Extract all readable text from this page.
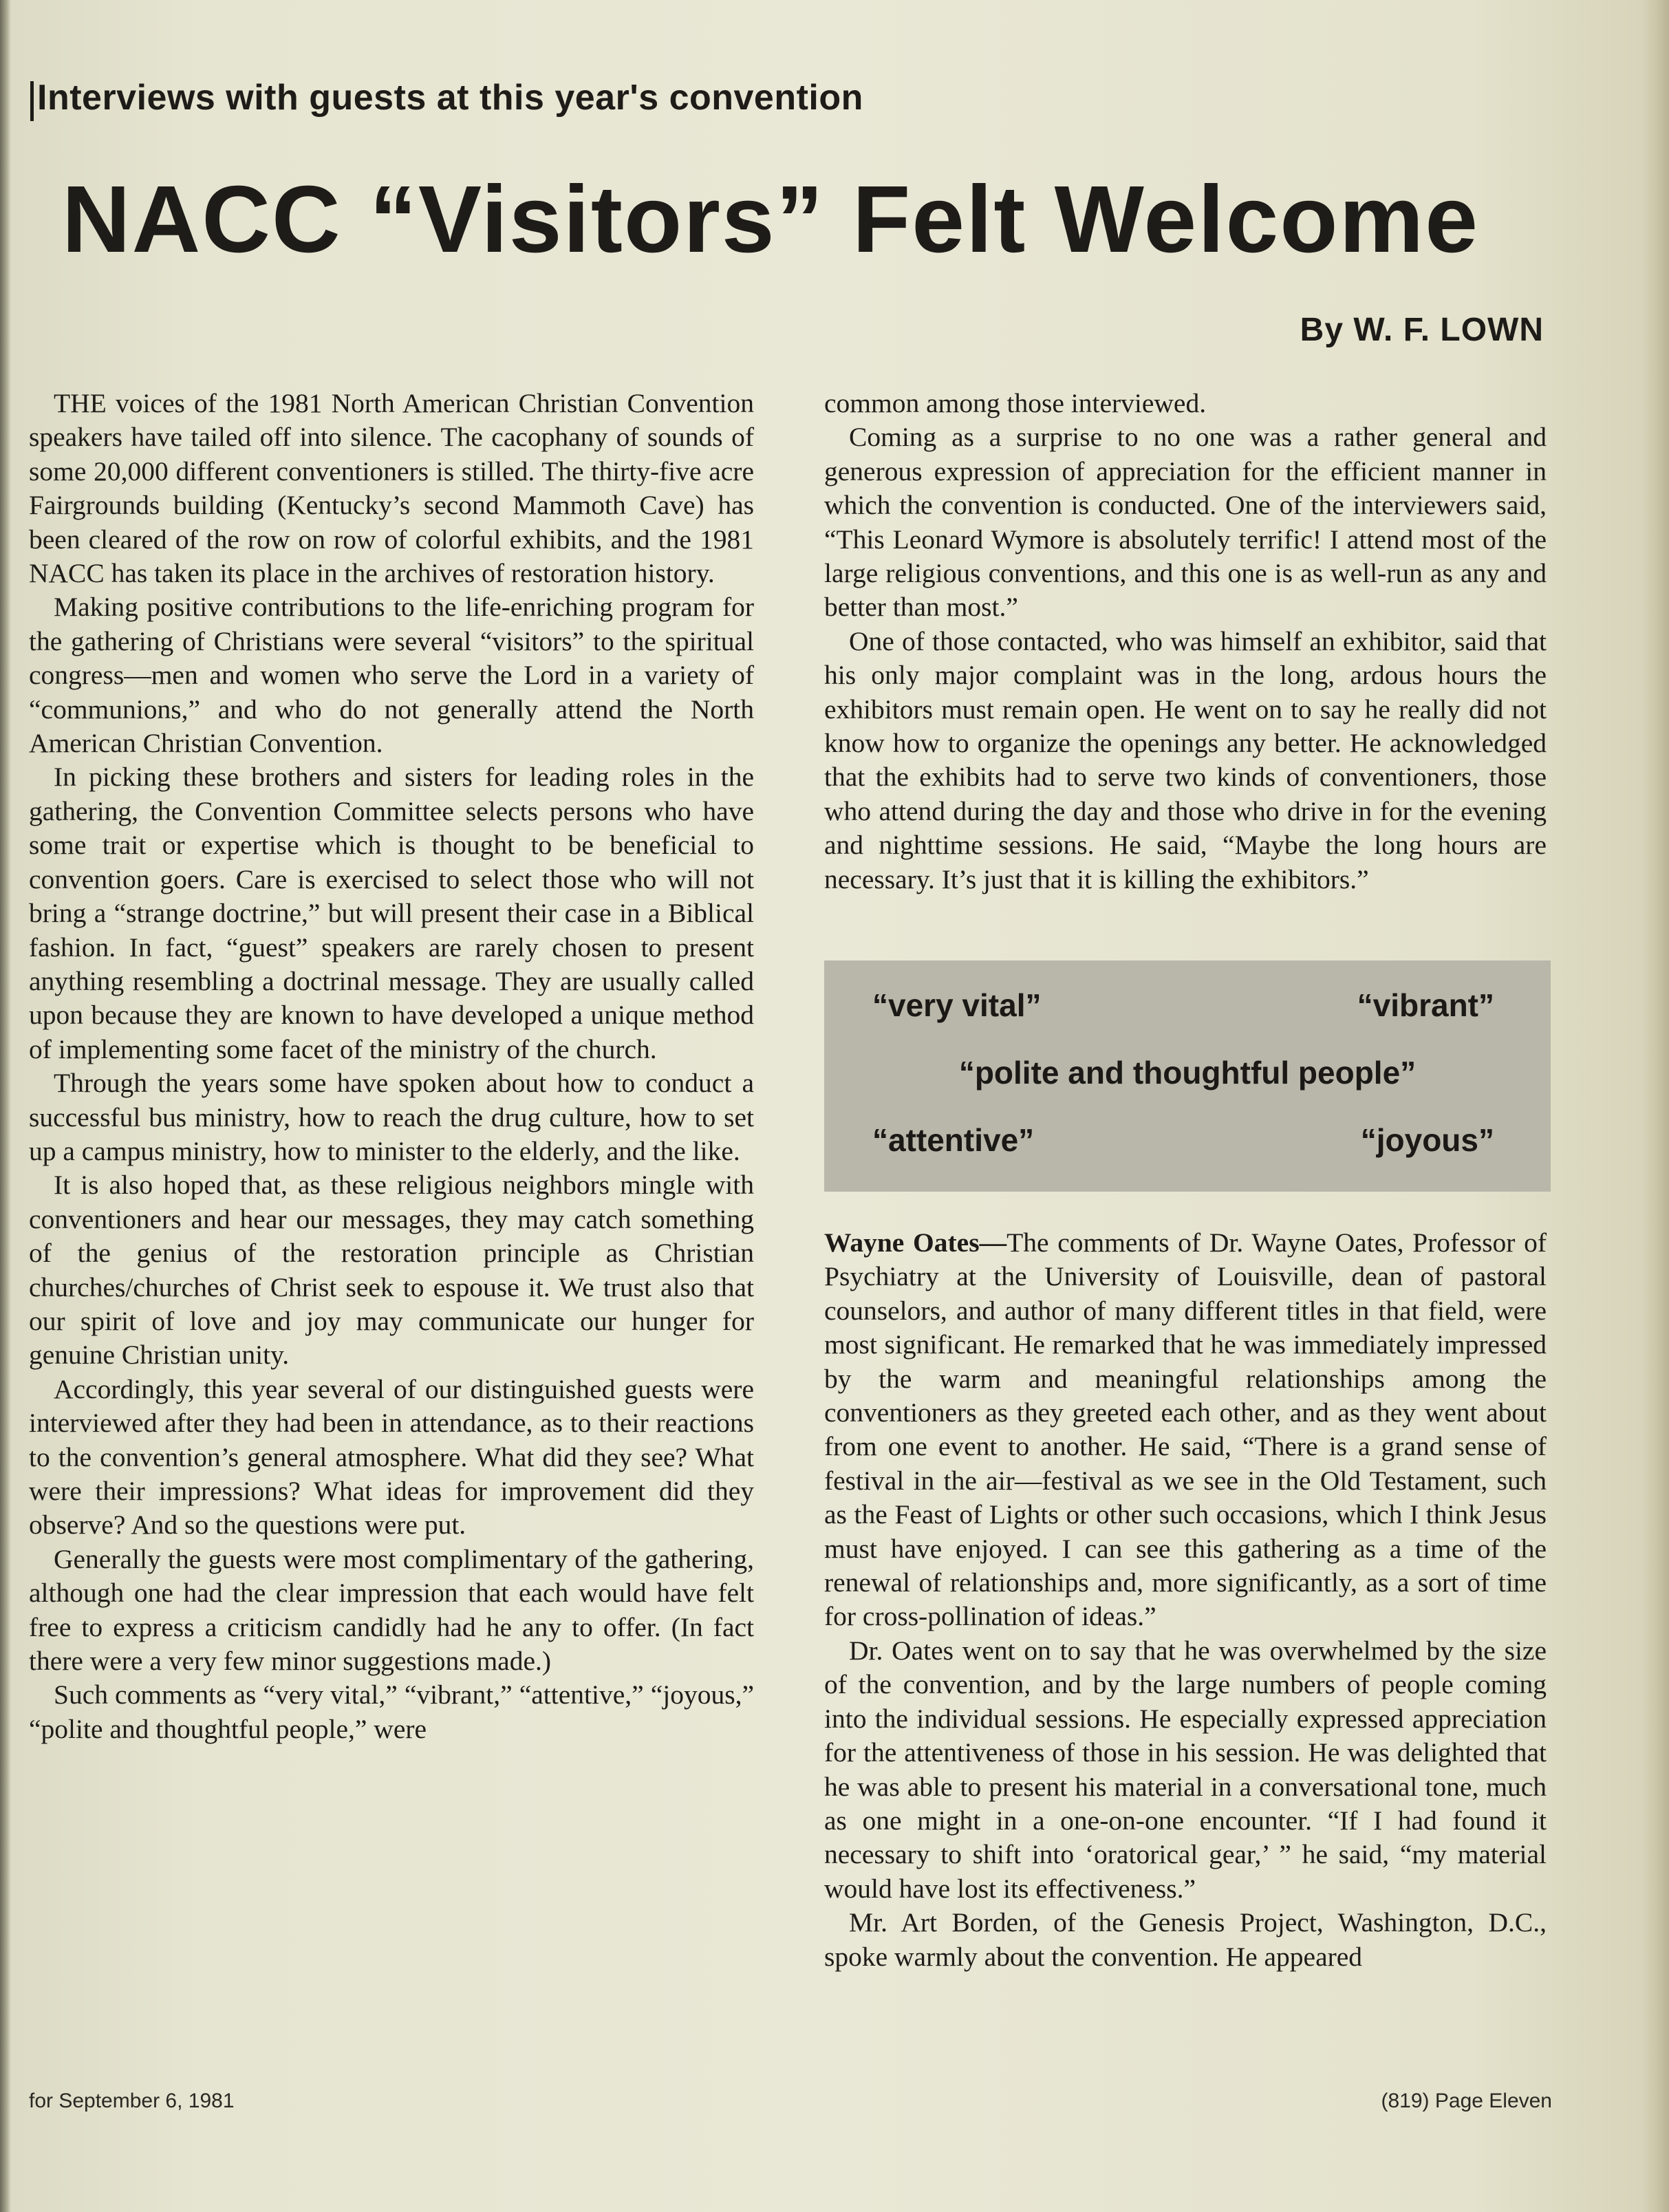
Interviews with guests at this year's convention
NACC “Visitors” Felt Welcome
By W. F. LOWN

THE voices of the 1981 North American Christian Convention speakers have tailed off into silence. The cacophany of sounds of some 20,000 different conventioners is stilled. The thirty-five acre Fairgrounds building (Kentucky’s second Mammoth Cave) has been cleared of the row on row of colorful exhibits, and the 1981 NACC has taken its place in the archives of restoration history.

Making positive contributions to the life-enriching program for the gathering of Christians were several “visitors” to the spiritual congress—men and women who serve the Lord in a variety of “communions,” and who do not generally attend the North American Christian Convention.

In picking these brothers and sisters for leading roles in the gathering, the Convention Committee selects persons who have some trait or expertise which is thought to be beneficial to convention goers. Care is exercised to select those who will not bring a “strange doctrine,” but will present their case in a Biblical fashion. In fact, “guest” speakers are rarely chosen to present anything resembling a doctrinal message. They are usually called upon because they are known to have developed a unique method of implementing some facet of the ministry of the church.

Through the years some have spoken about how to conduct a successful bus ministry, how to reach the drug culture, how to set up a campus ministry, how to minister to the elderly, and the like.

It is also hoped that, as these religious neighbors mingle with conventioners and hear our messages, they may catch something of the genius of the restoration principle as Christian churches/churches of Christ seek to espouse it. We trust also that our spirit of love and joy may communicate our hunger for genuine Christian unity.

Accordingly, this year several of our distinguished guests were interviewed after they had been in attendance, as to their reactions to the convention’s general atmosphere. What did they see? What were their impressions? What ideas for improvement did they observe? And so the questions were put.

Generally the guests were most complimentary of the gathering, although one had the clear impression that each would have felt free to express a criticism candidly had he any to offer. (In fact there were a very few minor suggestions made.)

Such comments as “very vital,” “vibrant,” “attentive,” “joyous,” “polite and thoughtful people,” were

common among those interviewed.

Coming as a surprise to no one was a rather general and generous expression of appreciation for the efficient manner in which the convention is conducted. One of the interviewers said, “This Leonard Wymore is absolutely terrific! I attend most of the large religious conventions, and this one is as well-run as any and better than most.”

One of those contacted, who was himself an exhibitor, said that his only major complaint was in the long, ardous hours the exhibitors must remain open. He went on to say he really did not know how to organize the openings any better. He acknowledged that the exhibits had to serve two kinds of conventioners, those who attend during the day and those who drive in for the evening and nighttime sessions. He said, “Maybe the long hours are necessary. It’s just that it is killing the exhibitors.”

“very vital”	“vibrant”
“polite and thoughtful people”
“attentive”	“joyous”

Wayne Oates—The comments of Dr. Wayne Oates, Professor of Psychiatry at the University of Louisville, dean of pastoral counselors, and author of many different titles in that field, were most significant. He remarked that he was immediately impressed by the warm and meaningful relationships among the conventioners as they greeted each other, and as they went about from one event to another. He said, “There is a grand sense of festival in the air—festival as we see in the Old Testament, such as the Feast of Lights or other such occasions, which I think Jesus must have enjoyed. I can see this gathering as a time of the renewal of relationships and, more significantly, as a sort of time for cross-pollination of ideas.”

Dr. Oates went on to say that he was overwhelmed by the size of the convention, and by the large numbers of people coming into the individual sessions. He especially expressed appreciation for the attentiveness of those in his session. He was delighted that he was able to present his material in a conversational tone, much as one might in a one-on-one encounter. “If I had found it necessary to shift into ‘oratorical gear,’ ” he said, “my material would have lost its effectiveness.”

Mr. Art Borden, of the Genesis Project, Washington, D.C., spoke warmly about the convention. He appeared

for September 6, 1981	(819) Page Eleven
